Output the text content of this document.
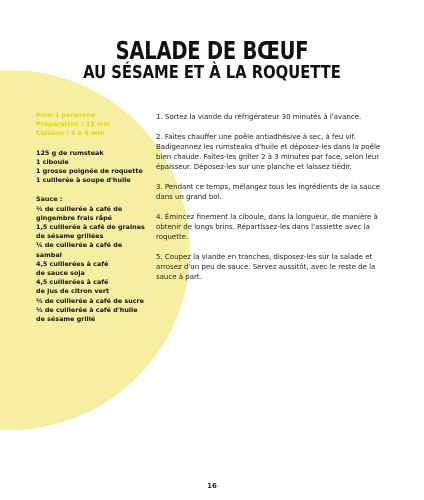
SALADE DE BŒUF
AU SÉSAME ET À LA ROQUETTE
Pour 1 personne
Préparation : 15 min
Cuisson : 4 à 6 min
125 g de rumsteak
1 ciboule
1 grosse poignée de roquette
1 cuillerée à soupe d'huile
Sauce :
⅔ de cuillerée à café de
gingembre frais râpé
1,5 cuillerée à café de graines
de sésame grillées
¼ de cuillerée à café de sambal
4,5 cuillerées à café
de sauce soja
4,5 cuillerées à café
de jus de citron vert
⅔ de cuillerée à café de sucre
⅔ de cuillerée à café d'huile
de sésame grillé

1. Sortez la viande du réfrigérateur 30 minutes à l'avance.

2. Faites chauffer une poêle antiadhésive à sec, à feu vif. Badigeonnez les rumsteaks d'huile et déposez-les dans la poêle bien chaude. Faites-les griller 2 à 3 minutes par face, selon leur épaisseur. Déposez-les sur une planche et laissez tiédir.

3. Pendant ce temps, mélangez tous les ingrédients de la sauce dans un grand bol.

4. Émincez finement la ciboule, dans la longueur, de manière à obtenir de longs brins. Répartissez-les dans l'assiette avec la roquette.

5. Coupez la viande en tranches, disposez-les sur la salade et arrosez d'un peu de sauce. Servez aussitôt, avec le reste de la sauce à part.

16
